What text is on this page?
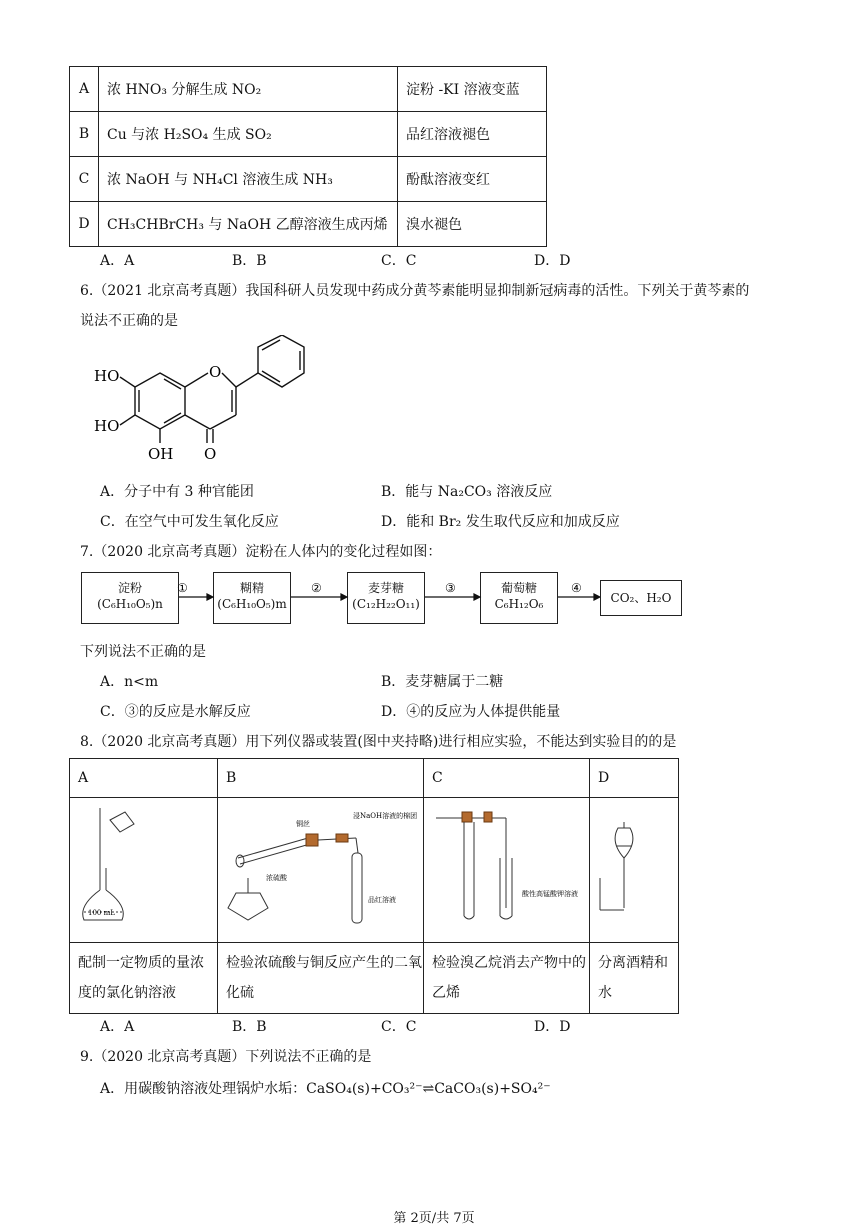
A	浓 HNO₃ 分解生成 NO₂	淀粉 -KI 溶液变蓝
B	Cu 与浓 H₂SO₄ 生成 SO₂	品红溶液褪色
C	浓 NaOH 与 NH₄Cl 溶液生成 NH₃	酚酞溶液变红
D	CH₃CHBrCH₃ 与 NaOH 乙醇溶液生成丙烯	溴水褪色
A．A	B．B	C．C	D．D
6.（2021 北京高考真题）我国科研人员发现中药成分黄芩素能明显抑制新冠病毒的活性。下列关于黄芩素的
说法不正确的是
HO
HO
OH
O
O
A．分子中有 3 种官能团	B．能与 Na₂CO₃ 溶液反应
C．在空气中可发生氧化反应	D．能和 Br₂ 发生取代反应和加成反应
7.（2020 北京高考真题）淀粉在人体内的变化过程如图：
淀粉
(C₆H₁₀O₅)n
糊精
(C₆H₁₀O₅)m
麦芽糖
(C₁₂H₂₂O₁₁)
葡萄糖
C₆H₁₂O₆	CO₂、H₂O
①	②	③	④
下列说法不正确的是
A．n<m	B．麦芽糖属于二糖
C．③的反应是水解反应	D．④的反应为人体提供能量
8.（2020 北京高考真题）用下列仪器或装置(图中夹持略)进行相应实验，不能达到实验目的的是
A	B	C	D

100 mL	铜丝
浸NaOH溶液的棉团
浓硫酸
品红溶液	酸性高锰酸钾溶液

配制一定物质的量浓度的氯化钠溶液	检验浓硫酸与铜反应产生的二氧化硫	检验溴乙烷消去产物中的乙烯	分离酒精和水
A．A	B．B	C．C	D．D
9.（2020 北京高考真题）下列说法不正确的是
A．用碳酸钠溶液处理锅炉水垢：CaSO₄(s)+CO₃²⁻⇌CaCO₃(s)+SO₄²⁻
第 2页/共 7页
